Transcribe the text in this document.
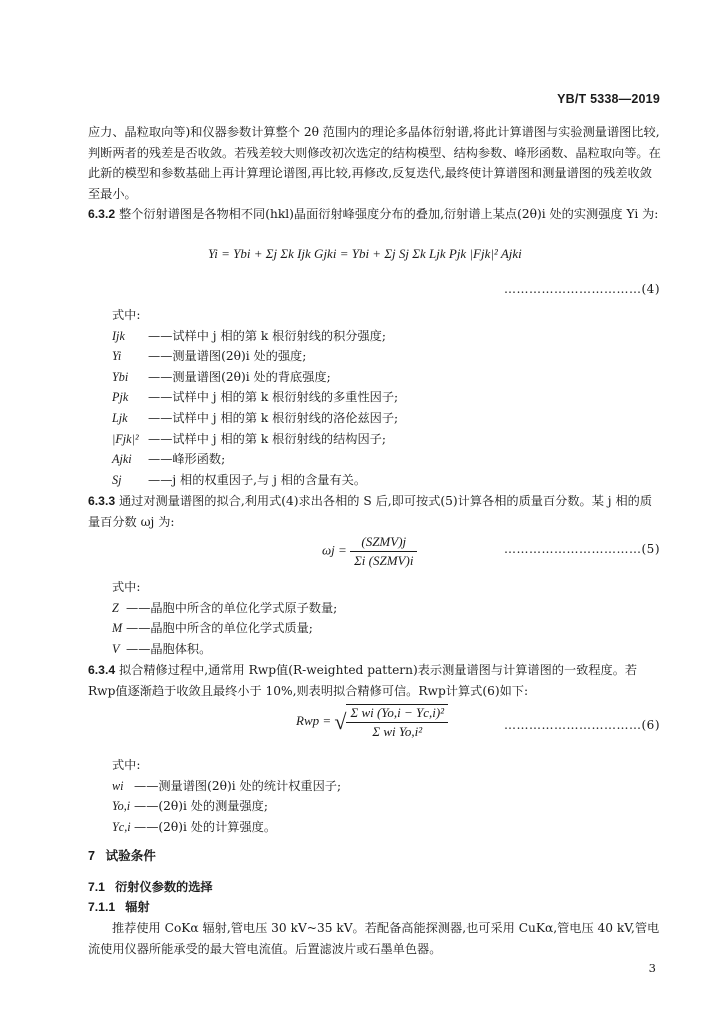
YB/T 5338—2019

应力、晶粒取向等)和仪器参数计算整个 2θ 范围内的理论多晶体衍射谱,将此计算谱图与实验测量谱图比较,判断两者的残差是否收敛。若残差较大则修改初次选定的结构模型、结构参数、峰形函数、晶粒取向等。在此新的模型和参数基础上再计算理论谱图,再比较,再修改,反复迭代,最终使计算谱图和测量谱图的残差收敛至最小。

6.3.2 整个衍射谱图是各物相不同(hkl)晶面衍射峰强度分布的叠加,衍射谱上某点(2θ)i 处的实测强度 Yi 为:

Yi = Ybi + Σj Σk Ijk Gjki = Ybi + Σj Sj Σk Ljk Pjk |Fjk|² Ajki
……………………………(4)
式中:
Ijk	——试样中 j 相的第 k 根衍射线的积分强度;
Yi	——测量谱图(2θ)i 处的强度;
Ybi	——测量谱图(2θ)i 处的背底强度;
Pjk	——试样中 j 相的第 k 根衍射线的多重性因子;
Ljk	——试样中 j 相的第 k 根衍射线的洛伦兹因子;
|Fjk|² ——试样中 j 相的第 k 根衍射线的结构因子;
Ajki	——峰形函数;
Sj	——j 相的权重因子,与 j 相的含量有关。

6.3.3 通过对测量谱图的拟合,利用式(4)求出各相的 S 后,即可按式(5)计算各相的质量百分数。某 j 相的质量百分数 ωj 为:

$\omega j = \frac{\text{(SZMV)j}}{\text{Σi (SZMV)i}}$	……………………………(5)
式中:
Z ——晶胞中所含的单位化学式原子数量;
M ——晶胞中所含的单位化学式质量;
V ——晶胞体积。

6.3.4 拟合精修过程中,通常用 Rwp值(R-weighted pattern)表示测量谱图与计算谱图的一致程度。若 Rwp值逐渐趋于收敛且最终小于 10%,则表明拟合精修可信。Rwp计算式(6)如下:

Rwp = √ $\frac{\text{Σ wi (Yo,i − Yc,i)²}}{\text{Σ wi Yo,i²}}$	……………………………(6)
式中:
wi ——测量谱图(2θ)i 处的统计权重因子;
Yo,i ——(2θ)i 处的测量强度;
Yc,i ——(2θ)i 处的计算强度。
7 试验条件
7.1 衍射仪参数的选择
7.1.1 辐射

推荐使用 CoKα 辐射,管电压 30 kV~35 kV。若配备高能探测器,也可采用 CuKα,管电压 40 kV,管电流使用仪器所能承受的最大管电流值。后置滤波片或石墨单色器。

3
